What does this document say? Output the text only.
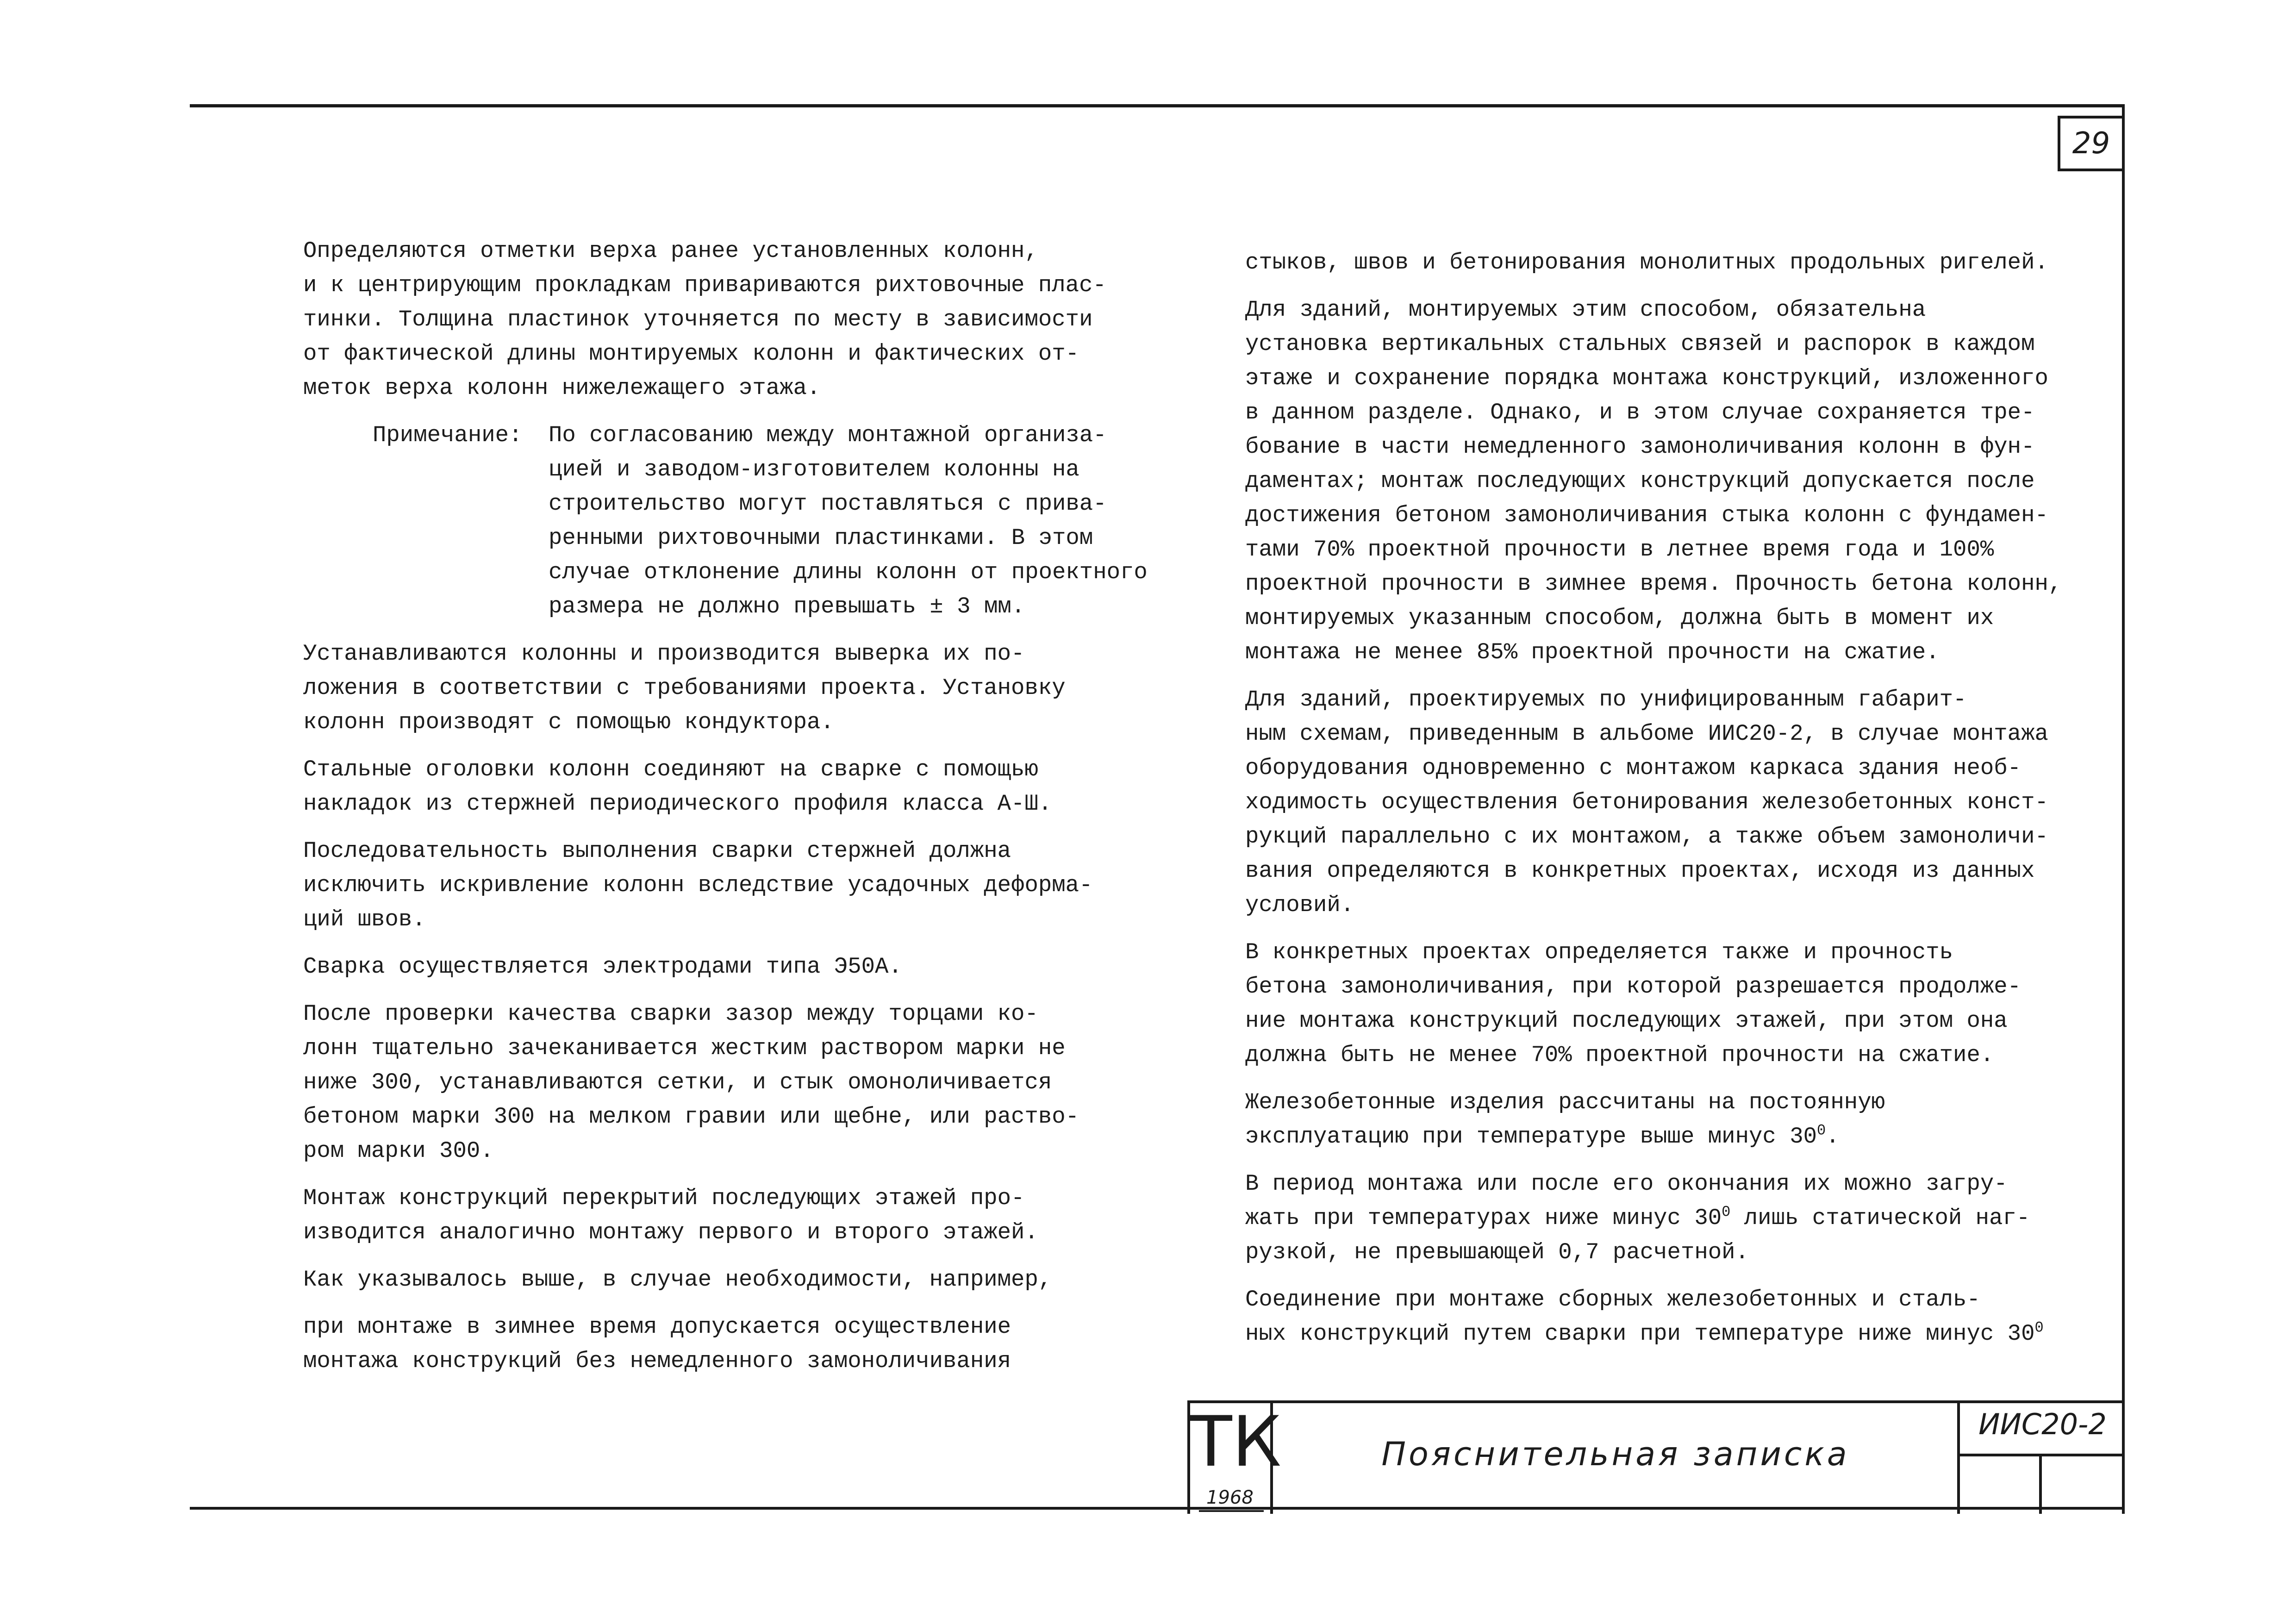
29

Определяются отметки верха ранее установленных колонн,
и к центрирующим прокладкам привариваются рихтовочные плас-
тинки. Толщина пластинок уточняется по месту в зависимости
от фактической длины монтируемых колонн и фактических от-
меток верха колонн нижележащего этажа.

Примечание:	По согласованию между монтажной организа-
цией и заводом-изготовителем колонны на
строительство могут поставляться с прива-
ренными рихтовочными пластинками. В этом
случае отклонение длины колонн от проектного
размера не должно превышать ± 3 мм.

Устанавливаются колонны и производится выверка их по-
ложения в соответствии с требованиями проекта. Установку
колонн производят с помощью кондуктора.

Стальные оголовки колонн соединяют на сварке с помощью
накладок из стержней периодического профиля класса А-Ш.

Последовательность выполнения сварки стержней должна
исключить искривление колонн вследствие усадочных деформа-
ций швов.

Сварка осуществляется электродами типа Э50А.

После проверки качества сварки зазор между торцами ко-
лонн тщательно зачеканивается жестким раствором марки не
ниже 300, устанавливаются сетки, и стык омоноличивается
бетоном марки 300 на мелком гравии или щебне, или раство-
ром марки 300.

Монтаж конструкций перекрытий последующих этажей про-
изводится аналогично монтажу первого и второго этажей.

Как указывалось выше, в случае необходимости, например,

при монтаже в зимнее время допускается осуществление
монтажа конструкций без немедленного замоноличивания

стыков, швов и бетонирования монолитных продольных ригелей.

Для зданий, монтируемых этим способом, обязательна
установка вертикальных стальных связей и распорок в каждом
этаже и сохранение порядка монтажа конструкций, изложенного
в данном разделе. Однако, и в этом случае сохраняется тре-
бование в части немедленного замоноличивания колонн в фун-
даментах; монтаж последующих конструкций допускается после
достижения бетоном замоноличивания стыка колонн с фундамен-
тами 70% проектной прочности в летнее время года и 100%
проектной прочности в зимнее время. Прочность бетона колонн,
монтируемых указанным способом, должна быть в момент их
монтажа не менее 85% проектной прочности на сжатие.

Для зданий, проектируемых по унифицированным габарит-
ным схемам, приведенным в альбоме ИИС20-2, в случае монтажа
оборудования одновременно с монтажом каркаса здания необ-
ходимость осуществления бетонирования железобетонных конст-
рукций параллельно с их монтажом, а также объем замоноличи-
вания определяются в конкретных проектах, исходя из данных
условий.

В конкретных проектах определяется также и прочность
бетона замоноличивания, при которой разрешается продолже-
ние монтажа конструкций последующих этажей, при этом она
должна быть не менее 70% проектной прочности на сжатие.

Железобетонные изделия рассчитаны на постоянную
эксплуатацию при температуре выше минус $30^0$.

В период монтажа или после его окончания их можно загру-
жать при температурах ниже минус $30^0$ лишь статической наг-
рузкой, не превышающей 0,7 расчетной.

Соединение при монтаже сборных железобетонных и сталь-
ных конструкций путем сварки при температуре ниже минус $30^0$

ТК
1968
Пояснительная записка
ИИС20-2
